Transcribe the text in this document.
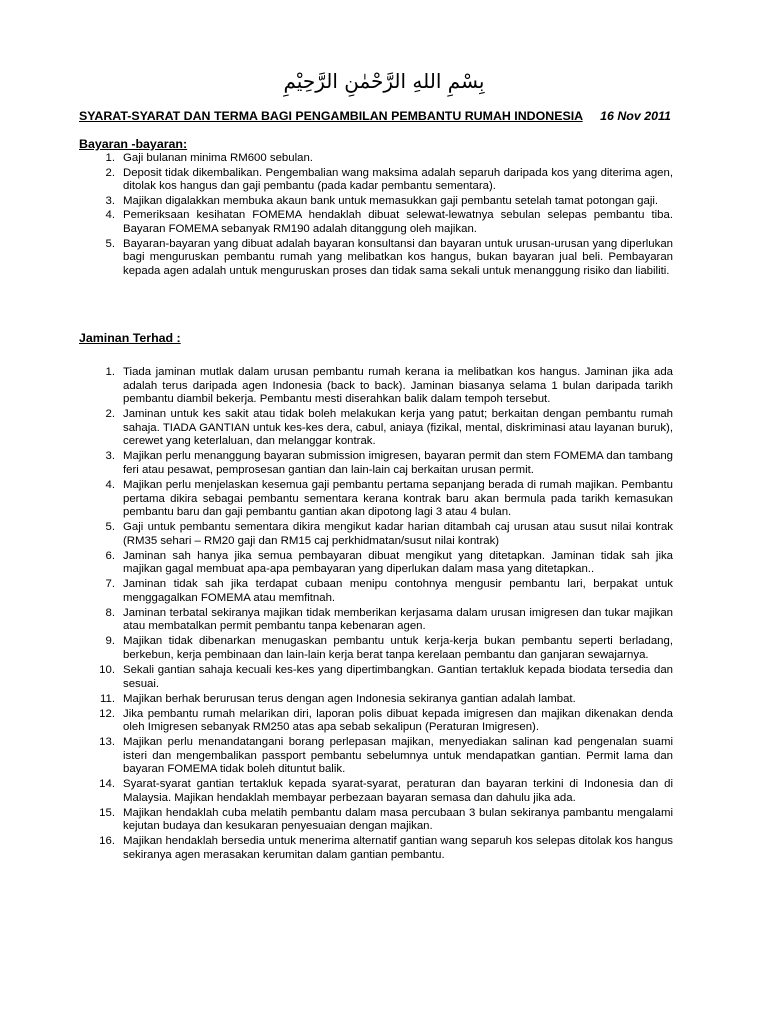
بِسْمِ اللهِ الرَّحْمٰنِ الرَّحِيْمِ
SYARAT-SYARAT DAN TERMA BAGI PENGAMBILAN PEMBANTU RUMAH INDONESIA 16 Nov 2011
Bayaran -bayaran:
1. Gaji bulanan minima RM600 sebulan.
2. Deposit tidak dikembalikan. Pengembalian wang maksima adalah separuh daripada kos yang diterima agen, ditolak kos hangus dan gaji pembantu (pada kadar pembantu sementara).
3. Majikan digalakkan membuka akaun bank untuk memasukkan gaji pembantu setelah tamat potongan gaji.
4. Pemeriksaan kesihatan FOMEMA hendaklah dibuat selewat-lewatnya sebulan selepas pembantu tiba. Bayaran FOMEMA sebanyak RM190 adalah ditanggung oleh majikan.
5. Bayaran-bayaran yang dibuat adalah bayaran konsultansi dan bayaran untuk urusan-urusan yang diperlukan bagi menguruskan pembantu rumah yang melibatkan kos hangus, bukan bayaran jual beli. Pembayaran kepada agen adalah untuk menguruskan proses dan tidak sama sekali untuk menanggung risiko dan liabiliti.
Jaminan Terhad :
1. Tiada jaminan mutlak dalam urusan pembantu rumah kerana ia melibatkan kos hangus. Jaminan jika ada adalah terus daripada agen Indonesia (back to back). Jaminan biasanya selama 1 bulan daripada tarikh pembantu diambil bekerja. Pembantu mesti diserahkan balik dalam tempoh tersebut.
2. Jaminan untuk kes sakit atau tidak boleh melakukan kerja yang patut; berkaitan dengan pembantu rumah sahaja. TIADA GANTIAN untuk kes-kes dera, cabul, aniaya (fizikal, mental, diskriminasi atau layanan buruk), cerewet yang keterlaluan, dan melanggar kontrak.
3. Majikan perlu menanggung bayaran submission imigresen, bayaran permit dan stem FOMEMA dan tambang feri atau pesawat, pemprosesan gantian dan lain-lain caj berkaitan urusan permit.
4. Majikan perlu menjelaskan kesemua gaji pembantu pertama sepanjang berada di rumah majikan. Pembantu pertama dikira sebagai pembantu sementara kerana kontrak baru akan bermula pada tarikh kemasukan pembantu baru dan gaji pembantu gantian akan dipotong lagi 3 atau 4 bulan.
5. Gaji untuk pembantu sementara dikira mengikut kadar harian ditambah caj urusan atau susut nilai kontrak (RM35 sehari – RM20 gaji dan RM15 caj perkhidmatan/susut nilai kontrak)
6. Jaminan sah hanya jika semua pembayaran dibuat mengikut yang ditetapkan. Jaminan tidak sah jika majikan gagal membuat apa-apa pembayaran yang diperlukan dalam masa yang ditetapkan..
7. Jaminan tidak sah jika terdapat cubaan menipu contohnya mengusir pembantu lari, berpakat untuk menggagalkan FOMEMA atau memfitnah.
8. Jaminan terbatal sekiranya majikan tidak memberikan kerjasama dalam urusan imigresen dan tukar majikan atau membatalkan permit pembantu tanpa kebenaran agen.
9. Majikan tidak dibenarkan menugaskan pembantu untuk kerja-kerja bukan pembantu seperti berladang, berkebun, kerja pembinaan dan lain-lain kerja berat tanpa kerelaan pembantu dan ganjaran sewajarnya.
10. Sekali gantian sahaja kecuali kes-kes yang dipertimbangkan. Gantian tertakluk kepada biodata tersedia dan sesuai.
11. Majikan berhak berurusan terus dengan agen Indonesia sekiranya gantian adalah lambat.
12. Jika pembantu rumah melarikan diri, laporan polis dibuat kepada imigresen dan majikan dikenakan denda oleh Imigresen sebanyak RM250 atas apa sebab sekalipun (Peraturan Imigresen).
13. Majikan perlu menandatangani borang perlepasan majikan, menyediakan salinan kad pengenalan suami isteri dan mengembalikan passport pembantu sebelumnya untuk mendapatkan gantian. Permit lama dan bayaran FOMEMA tidak boleh dituntut balik.
14. Syarat-syarat gantian tertakluk kepada syarat-syarat, peraturan dan bayaran terkini di Indonesia dan di Malaysia. Majikan hendaklah membayar perbezaan bayaran semasa dan dahulu jika ada.
15. Majikan hendaklah cuba melatih pembantu dalam masa percubaan 3 bulan sekiranya pambantu mengalami kejutan budaya dan kesukaran penyesuaian dengan majikan.
16. Majikan hendaklah bersedia untuk menerima alternatif gantian wang separuh kos selepas ditolak kos hangus sekiranya agen merasakan kerumitan dalam gantian pembantu.
